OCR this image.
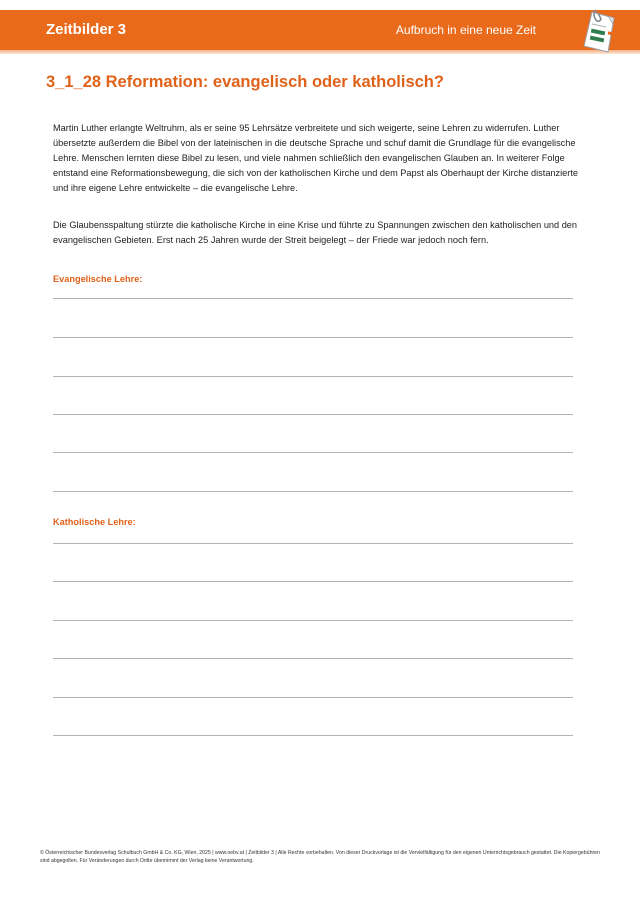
Zeitbilder 3	Aufbruch in eine neue Zeit
3_1_28 Reformation: evangelisch oder katholisch?

Martin Luther erlangte Weltruhm, als er seine 95 Lehrsätze verbreitete und sich weigerte, seine Lehren zu widerrufen. Luther übersetzte außerdem die Bibel von der lateinischen in die deutsche Sprache und schuf damit die Grundlage für die evangelische Lehre. Menschen lernten diese Bibel zu lesen, und viele nahmen schließlich den evangelischen Glauben an. In weiterer Folge entstand eine Reformationsbewegung, die sich von der katholischen Kirche und dem Papst als Oberhaupt der Kirche distanzierte und ihre eigene Lehre entwickelte – die evangelische Lehre.

Die Glaubensspaltung stürzte die katholische Kirche in eine Krise und führte zu Spannungen zwischen den katholischen und den evangelischen Gebieten. Erst nach 25 Jahren wurde der Streit beigelegt – der Friede war jedoch noch fern.

Evangelische Lehre:

Katholische Lehre:

© Österreichischer Bundesverlag Schulbuch GmbH & Co. KG, Wien, 2025 | www.oebv.at | Zeitbilder 3 | Alle Rechte vorbehalten. Von dieser Druckvorlage ist die Vervielfältigung für den eigenen Unterrichtsgebrauch gestattet. Die Kopiergebühren sind abgegolten. Für Veränderungen durch Dritte übernimmt der Verlag keine Verantwortung.
